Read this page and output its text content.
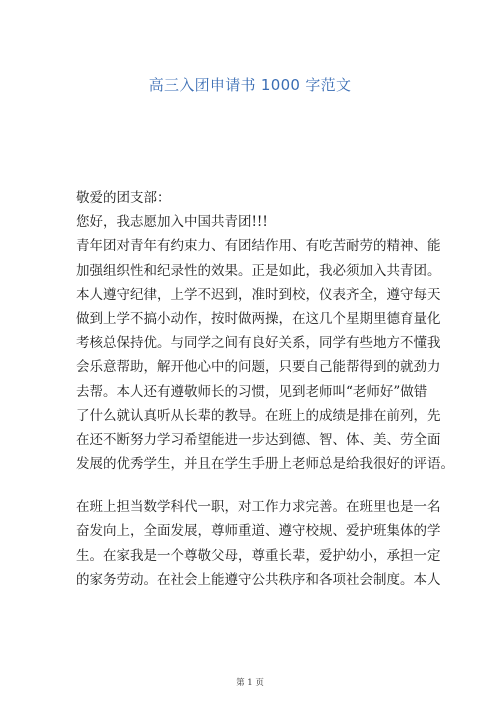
高三入团申请书 1000 字范文
敬爱的团支部：
您好，我志愿加入中国共青团!!!
青年团对青年有约束力、有团结作用、有吃苦耐劳的精神、能
加强组织性和纪录性的效果。正是如此，我必须加入共青团。
本人遵守纪律，上学不迟到，准时到校，仪表齐全，遵守每天
做到上学不搞小动作，按时做两操，在这几个星期里德育量化
考核总保持优。与同学之间有良好关系，同学有些地方不懂我
会乐意帮助，解开他心中的问题，只要自己能帮得到的就劲力
去帮。本人还有遵敬师长的习惯，见到老师叫“老师好”做错
了什么就认真听从长辈的教导。在班上的成绩是排在前列，先
在还不断努力学习希望能进一步达到德、智、体、美、劳全面
发展的优秀学生，并且在学生手册上老师总是给我很好的评语。
在班上担当数学科代一职，对工作力求完善。在班里也是一名
奋发向上，全面发展，尊师重道、遵守校规、爱护班集体的学
生。在家我是一个尊敬父母，尊重长辈，爱护幼小，承担一定
的家务劳动。在社会上能遵守公共秩序和各项社会制度。本人
第 1 页
